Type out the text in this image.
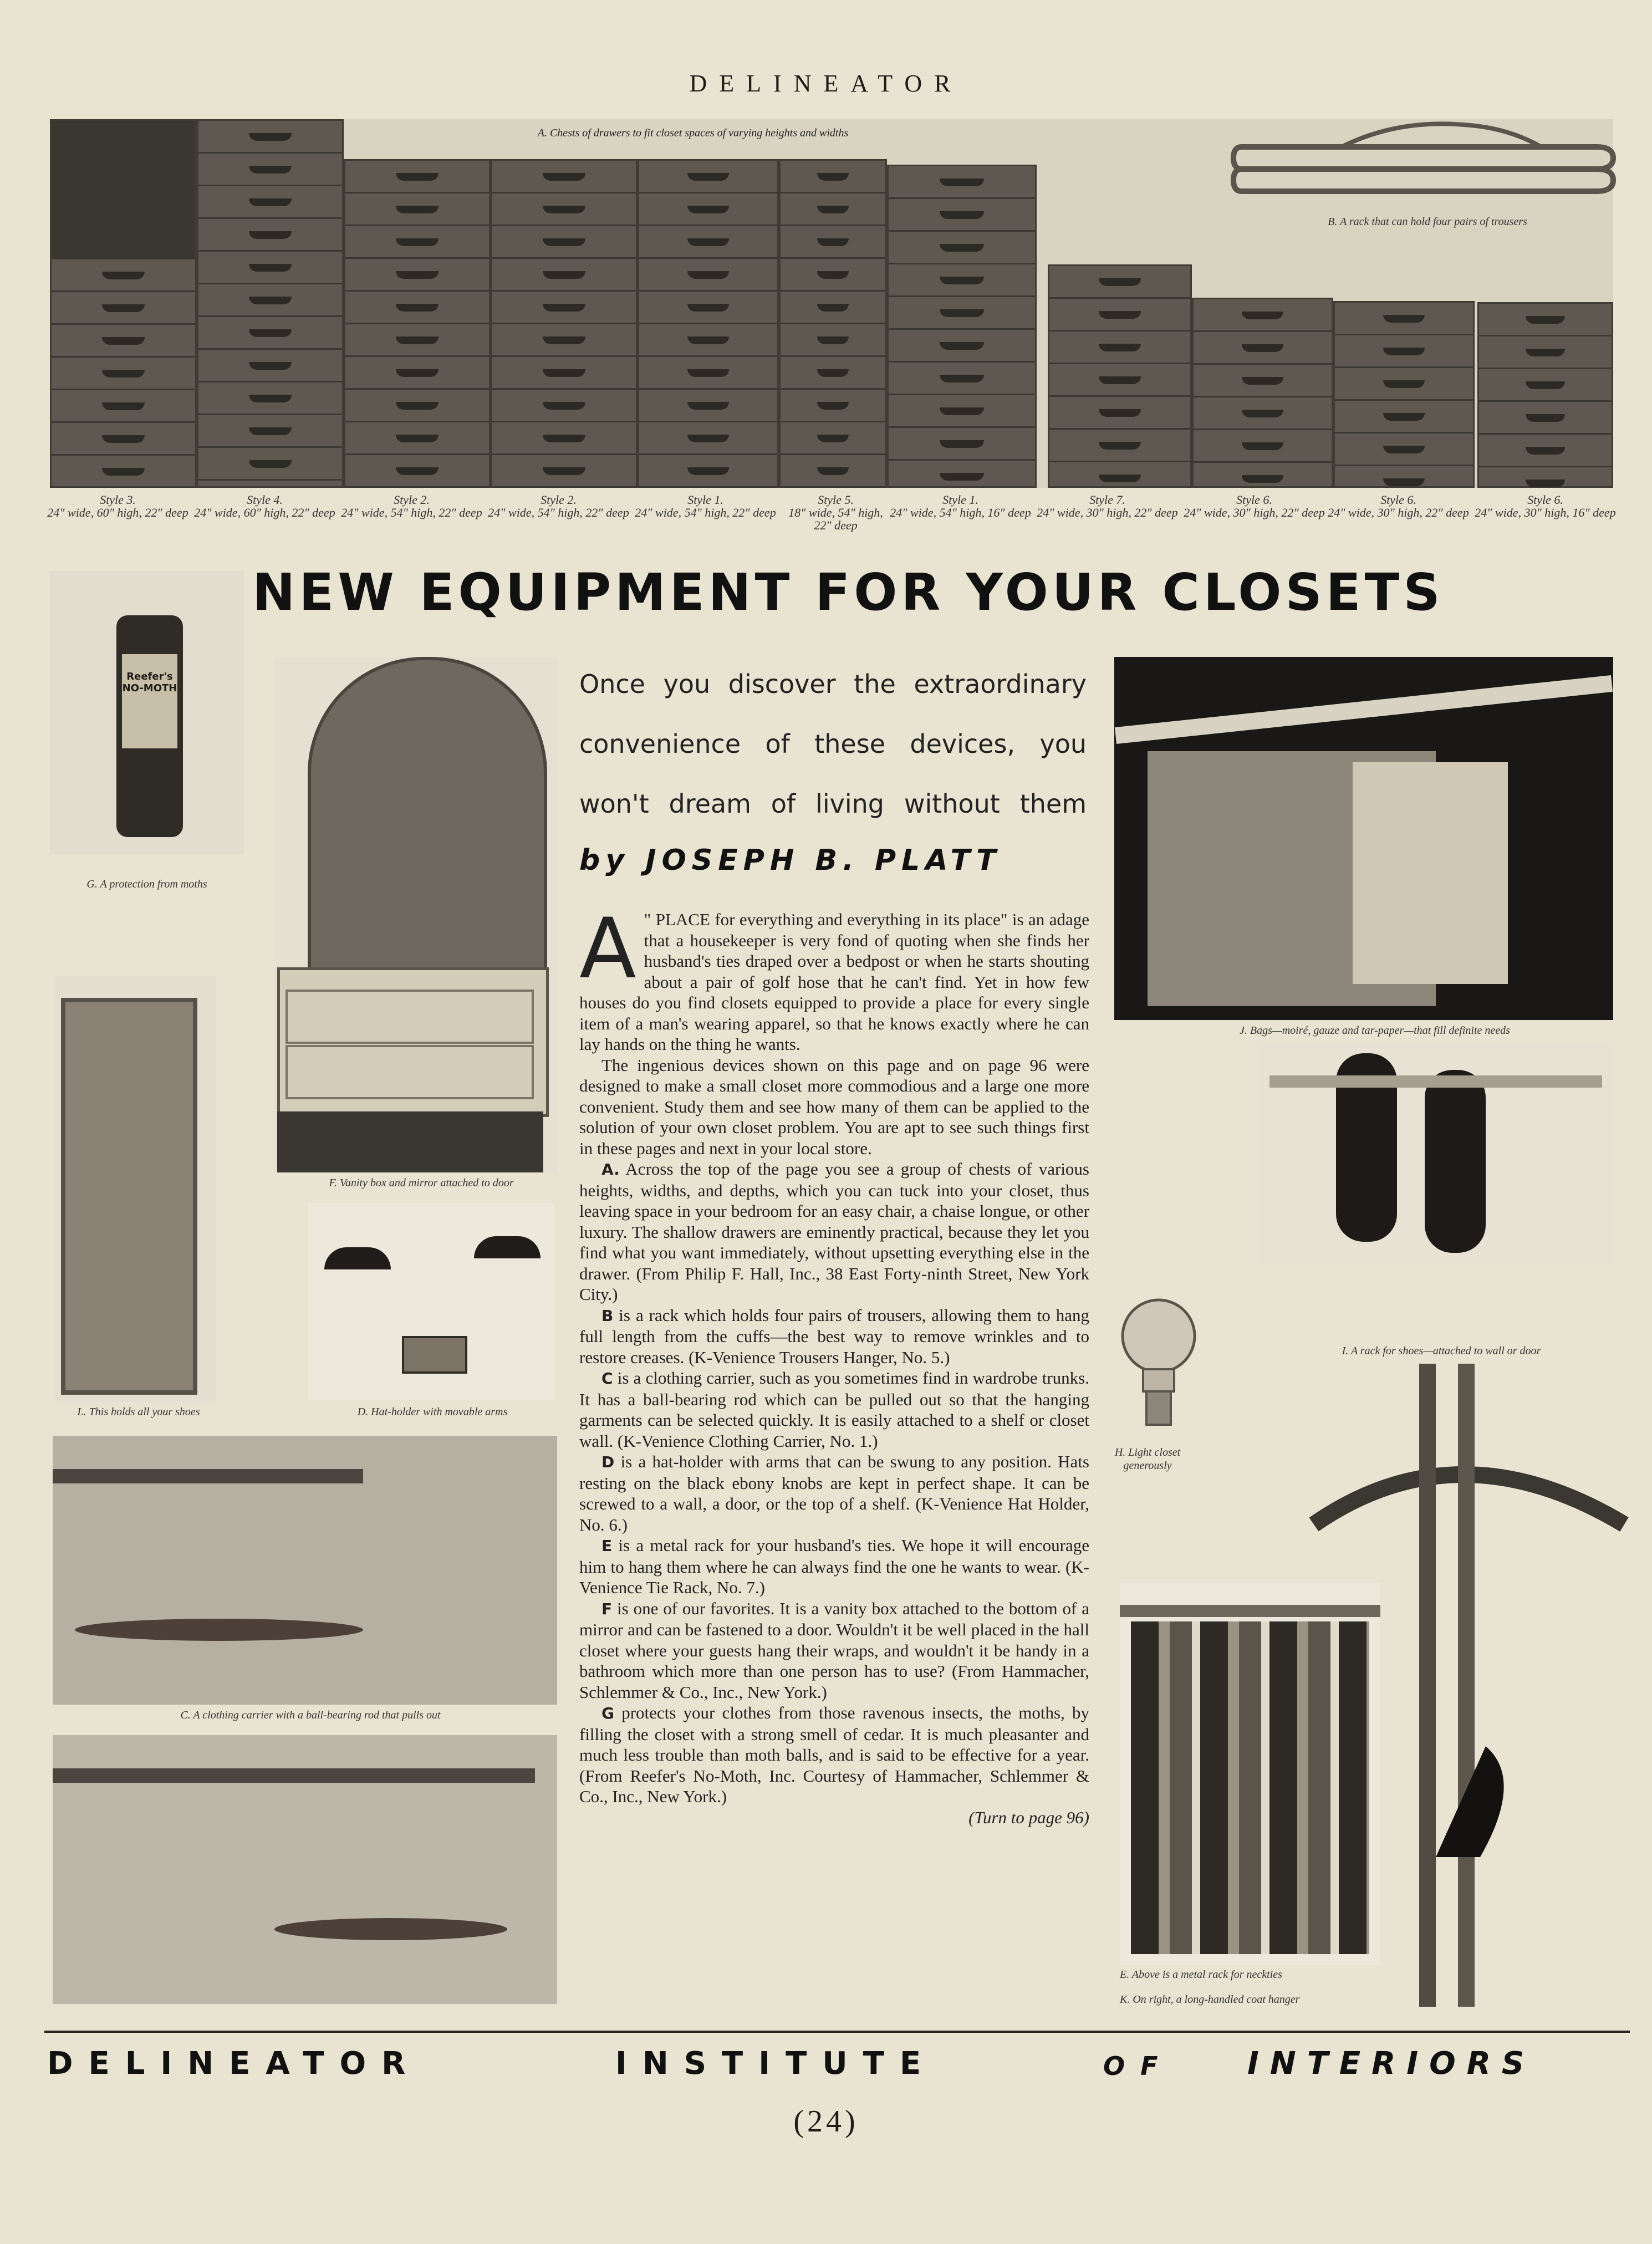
DELINEATOR
A. Chests of drawers to fit closet spaces of varying heights and widths
B. A rack that can hold four pairs of trousers
Style 3.
24" wide, 60" high, 22" deep
Style 4.
24" wide, 60" high, 22" deep
Style 2.
24" wide, 54" high, 22" deep
Style 2.
24" wide, 54" high, 22" deep
Style 1.
24" wide, 54" high, 22" deep
Style 5.
18" wide, 54" high, 22" deep
Style 1.
24" wide, 54" high, 16" deep
Style 7.
24" wide, 30" high, 22" deep
Style 6.
24" wide, 30" high, 22" deep
Style 6.
24" wide, 30" high, 22" deep
Style 6.
24" wide, 30" high, 16" deep
NEW EQUIPMENT FOR YOUR CLOSETS
Reefer's
NO-MOTH
G. A protection from moths
F. Vanity box and mirror attached to door
L. This holds all your shoes	D. Hat-holder with movable arms
C. A clothing carrier with a ball-bearing rod that pulls out
Once you discover the extraordinary convenience of these devices, you won't dream of living without them
by JOSEPH B. PLATT

"
A PLACE for everything and everything in its place" is an adage that a housekeeper is very fond of quoting when she finds her husband's ties draped over a bedpost or when he starts shouting about a pair of golf hose that he can't find. Yet in how few houses do you find closets equipped to provide a place for every single item of a man's wearing apparel, so that he knows exactly where he can lay hands on the thing he wants.

The ingenious devices shown on this page and on page 96 were designed to make a small closet more commodious and a large one more convenient. Study them and see how many of them can be applied to the solution of your own closet problem. You are apt to see such things first in these pages and next in your local store.

A. Across the top of the page you see a group of chests of various heights, widths, and depths, which you can tuck into your closet, thus leaving space in your bedroom for an easy chair, a chaise longue, or other luxury. The shallow drawers are eminently practical, because they let you find what you want immediately, without upsetting everything else in the drawer. (From Philip F. Hall, Inc., 38 East Forty-ninth Street, New York City.)

B is a rack which holds four pairs of trousers, allowing them to hang full length from the cuffs—the best way to remove wrinkles and to restore creases. (K-Venience Trousers Hanger, No. 5.)

C is a clothing carrier, such as you sometimes find in wardrobe trunks. It has a ball-bearing rod which can be pulled out so that the hanging garments can be selected quickly. It is easily attached to a shelf or closet wall. (K-Venience Clothing Carrier, No. 1.)

D is a hat-holder with arms that can be swung to any position. Hats resting on the black ebony knobs are kept in perfect shape. It can be screwed to a wall, a door, or the top of a shelf. (K-Venience Hat Holder, No. 6.)

E is a metal rack for your husband's ties. We hope it will encourage him to hang them where he can always find the one he wants to wear. (K-Venience Tie Rack, No. 7.)

F is one of our favorites. It is a vanity box attached to the bottom of a mirror and can be fastened to a door. Wouldn't it be well placed in the hall closet where your guests hang their wraps, and wouldn't it be handy in a bathroom which more than one person has to use? (From Hammacher, Schlemmer & Co., Inc., New York.)

G protects your clothes from those ravenous insects, the moths, by filling the closet with a strong smell of cedar. It is much pleasanter and much less trouble than moth balls, and is said to be effective for a year. (From Reefer's No-Moth, Inc. Courtesy of Hammacher, Schlemmer & Co., Inc., New York.)

(Turn to page 96)
J. Bags—moiré, gauze and tar-paper—that fill definite needs
I. A rack for shoes—attached to wall or door
H. Light closet generously
E. Above is a metal rack for neckties
K. On right, a long-handled coat hanger
DELINEATOR	INSTITUTE	OF INTERIORS
(24)
